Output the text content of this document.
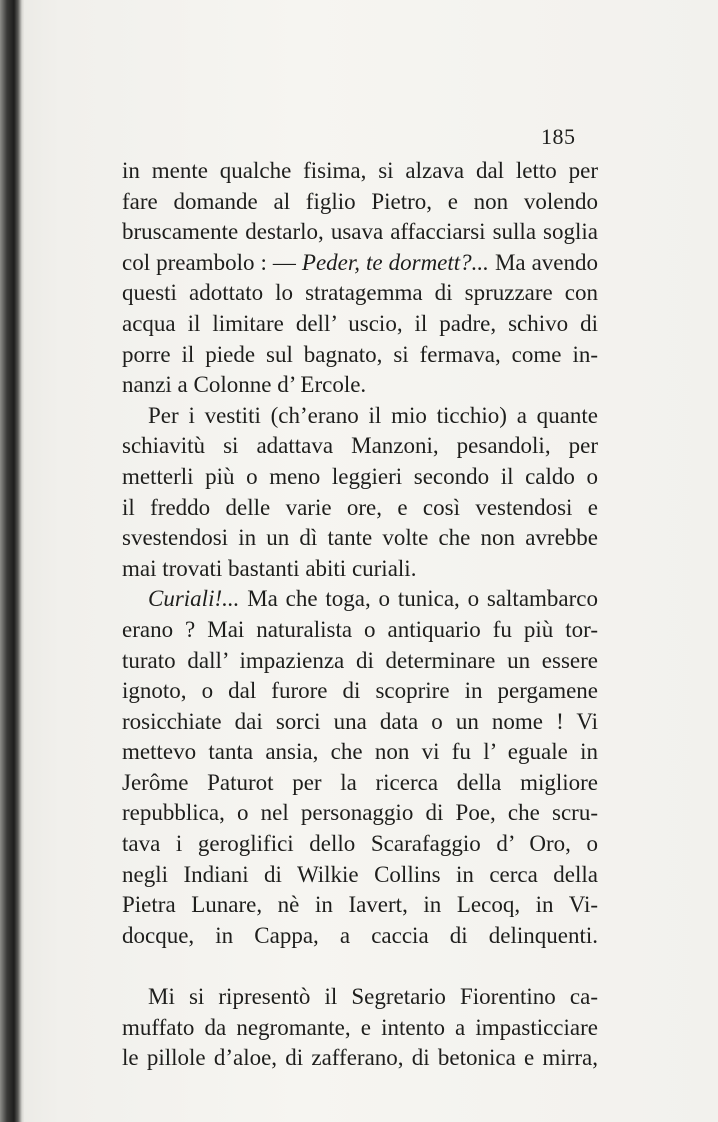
185
in mente qualche fisima, si alzava dal letto per
fare domande al figlio Pietro, e non volendo
bruscamente destarlo, usava affacciarsi sulla soglia
col preambolo : — Peder, te dormett?... Ma avendo
questi adottato lo stratagemma di spruzzare con
acqua il limitare dell’ uscio, il padre, schivo di
porre il piede sul bagnato, si fermava, come in-
nanzi a Colonne d’ Ercole.
Per i vestiti (ch’erano il mio ticchio) a quante
schiavitù si adattava Manzoni, pesandoli, per
metterli più o meno leggieri secondo il caldo o
il freddo delle varie ore, e così vestendosi e
svestendosi in un dì tante volte che non avrebbe
mai trovati bastanti abiti curiali.
Curiali!... Ma che toga, o tunica, o saltambarco
erano ? Mai naturalista o antiquario fu più tor-
turato dall’ impazienza di determinare un essere
ignoto, o dal furore di scoprire in pergamene
rosicchiate dai sorci una data o un nome ! Vi
mettevo tanta ansia, che non vi fu l’ eguale in
Jerôme Paturot per la ricerca della migliore
repubblica, o nel personaggio di Poe, che scru-
tava i geroglifici dello Scarafaggio d’ Oro, o
negli Indiani di Wilkie Collins in cerca della
Pietra Lunare, nè in Iavert, in Lecoq, in Vi-
docque, in Cappa, a caccia di delinquenti.
Mi si ripresentò il Segretario Fiorentino ca-
muffato da negromante, e intento a impasticciare
le pillole d’aloe, di zafferano, di betonica e mirra,
